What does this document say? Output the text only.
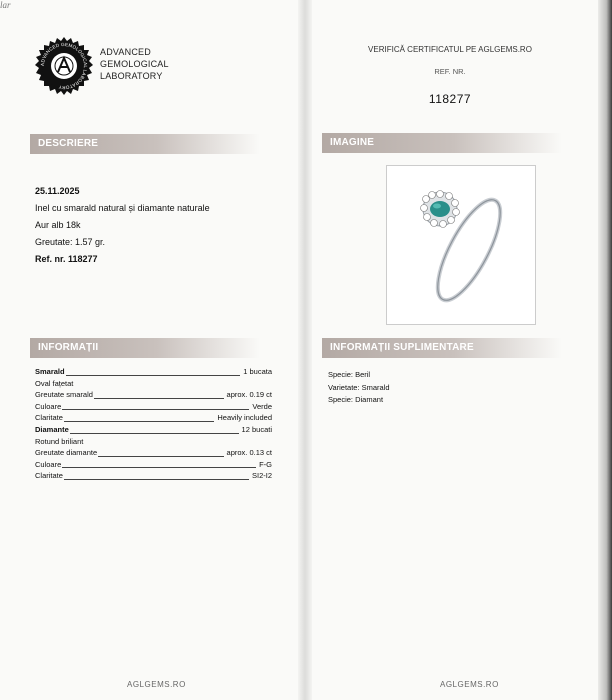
lar
ADVANCED GEMOLOGICAL LABORATORY
ADVANCED
GEMOLOGICAL
LABORATORY
VERIFICĂ CERTIFICATUL PE AGLGEMS.RO
REF. NR.
118277
DESCRIERE	IMAGINE
INFORMAȚII	INFORMAȚII SUPLIMENTARE
25.11.2025
Inel cu smarald natural și diamante naturale
Aur alb 18k
Greutate: 1.57 gr.
Ref. nr. 118277
Smarald	1 bucata
Oval fațetat
Greutate smarald	aprox. 0.19 ct
Culoare	Verde
Claritate	Heavily included
Diamante	12 bucati
Rotund briliant
Greutate diamante	aprox. 0.13 ct
Culoare	F-G
Claritate	SI2-I2
Specie: Beril
Varietate: Smarald
Specie: Diamant
AGLGEMS.RO	AGLGEMS.RO
